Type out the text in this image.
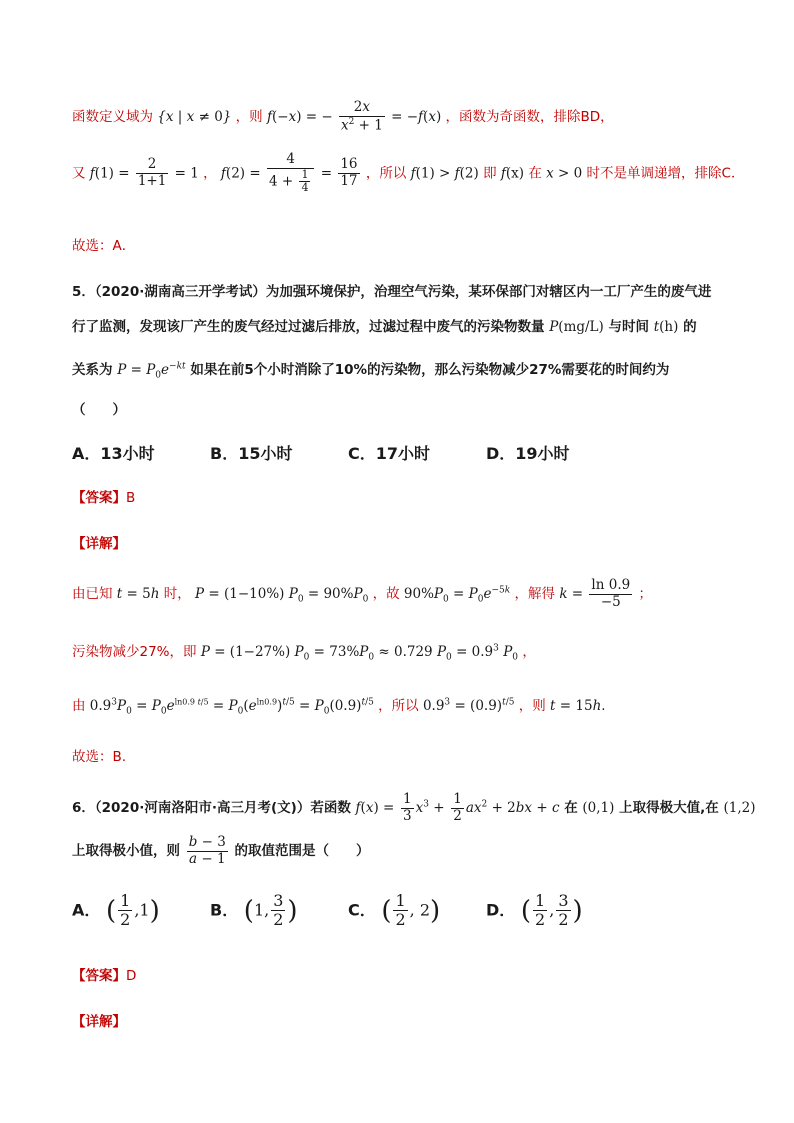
函数定义域为 {x | x ≠ 0} ，则 f(−x) = − $\frac{2x}{x^2 + 1} = -f(x)$ ，函数为奇函数，排除BD，
又 $f(1) = \frac{2}{1+1} = 1$ ， $f(2) = \frac{4}{4 + \frac{1}{4}} = \frac{16}{17}$ ，所以 f(1) > f(2) 即 f(x) 在 x > 0 时不是单调递增，排除C．
故选：A．
5．（2020·湖南高三开学考试）为加强环境保护，治理空气污染，某环保部门对辖区内一工厂产生的废气进
行了监测，发现该厂产生的废气经过过滤后排放，过滤过程中废气的污染物数量 P(mg/L) 与时间 t(h) 的
关系为 $P = P_0e^{-kt}$ 如果在前5个小时消除了10%的污染物，那么污染物减少27%需要花的时间约为
（　　）
A．13小时	B．15小时	C．17小时	D．19小时
【答案】B
【详解】
由已知 t = 5h 时， P = (1−10%) $P_0 = 90\%P_0$ ，故 $90\%P_0 = P_0e^{-5k}$ ，解得 $k = \frac{\ln 0.9}{-5}$ ；
污染物减少27%，即 P = (1−27%) $P_0 = 73\%P_0 \approx 0.729$ $P_0 = 0.9^3$ $P_0$ ，
由 $0.9^3P_0 = P_0e^{ln0.9 t/5} = P_0(e^{ln0.9})^{t/5} = P_0(0.9)^{t/5}$ ，所以 $0.9^3 = (0.9)^{t/5}$ ，则 t = 15h.
故选：B.
6．（2020·河南洛阳市·高三月考(文)）若函数 $f(x) = \frac{1}{3} x^3 + \frac{1}{2} ax^2 + 2bx + c$ 在 (0,1) 上取得极大值,在 (1,2)
上取得极小值，则 $\frac{b - 3}{a - 1}$ 的取值范围是（　　）
A． ( $\frac{1}{2} ,1$)	B． (1, $\frac{3}{2}$ )	C． ( $\frac{1}{2}$ , 2)	D． ( $\frac{1}{2}$ , $\frac{3}{2}$ )
【答案】D
【详解】
